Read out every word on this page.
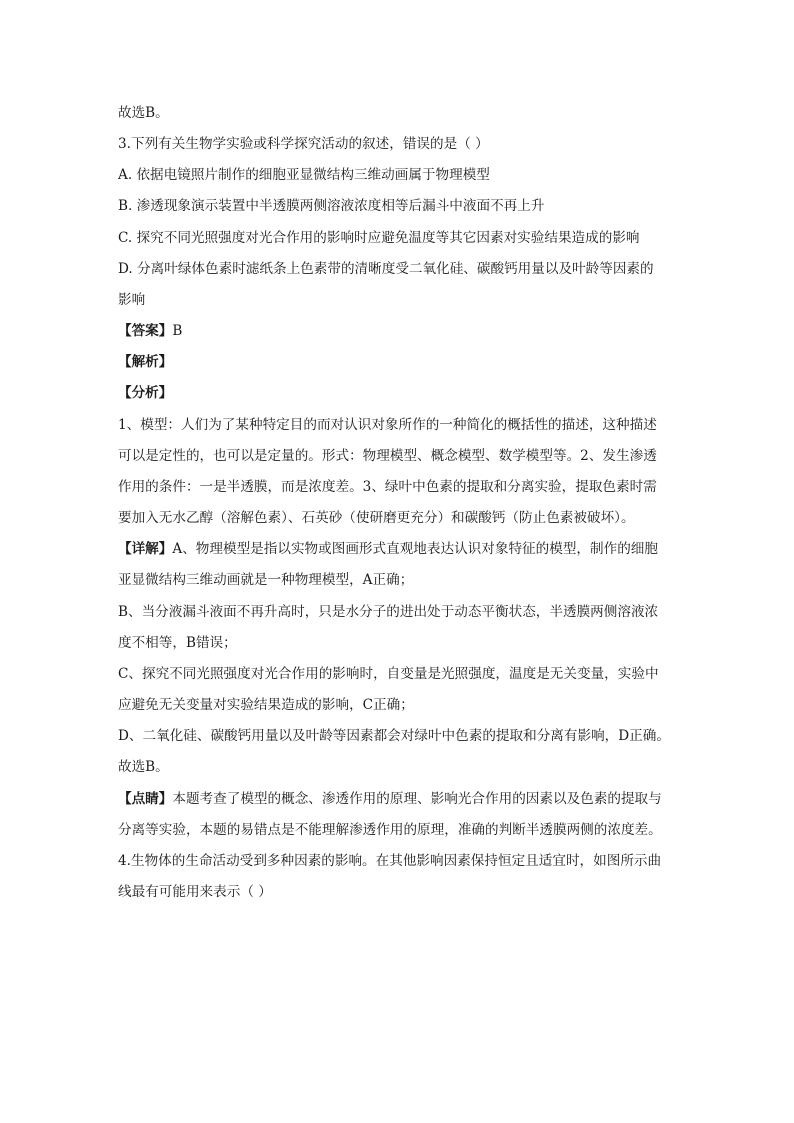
故选B。
3.下列有关生物学实验或科学探究活动的叙述，错误的是（ ）
A. 依据电镜照片制作的细胞亚显微结构三维动画属于物理模型
B. 渗透现象演示装置中半透膜两侧溶液浓度相等后漏斗中液面不再上升
C. 探究不同光照强度对光合作用的影响时应避免温度等其它因素对实验结果造成的影响
D. 分离叶绿体色素时滤纸条上色素带的清晰度受二氧化硅、碳酸钙用量以及叶龄等因素的
影响
【答案】B
【解析】
【分析】
1、模型：人们为了某种特定目的而对认识对象所作的一种简化的概括性的描述，这种描述
可以是定性的，也可以是定量的。形式：物理模型、概念模型、数学模型等。2、发生渗透
作用的条件：一是半透膜，而是浓度差。3、绿叶中色素的提取和分离实验，提取色素时需
要加入无水乙醇（溶解色素）、石英砂（使研磨更充分）和碳酸钙（防止色素被破坏）。
【详解】A、物理模型是指以实物或图画形式直观地表达认识对象特征的模型，制作的细胞
亚显微结构三维动画就是一种物理模型，A正确；
B、当分液漏斗液面不再升高时，只是水分子的进出处于动态平衡状态，半透膜两侧溶液浓
度不相等，B错误；
C、探究不同光照强度对光合作用的影响时，自变量是光照强度，温度是无关变量，实验中
应避免无关变量对实验结果造成的影响，C正确；
D、二氧化硅、碳酸钙用量以及叶龄等因素都会对绿叶中色素的提取和分离有影响，D正确。
故选B。
【点睛】本题考查了模型的概念、渗透作用的原理、影响光合作用的因素以及色素的提取与
分离等实验，本题的易错点是不能理解渗透作用的原理，准确的判断半透膜两侧的浓度差。
4.生物体的生命活动受到多种因素的影响。在其他影响因素保持恒定且适宜时，如图所示曲
线最有可能用来表示（ ）
